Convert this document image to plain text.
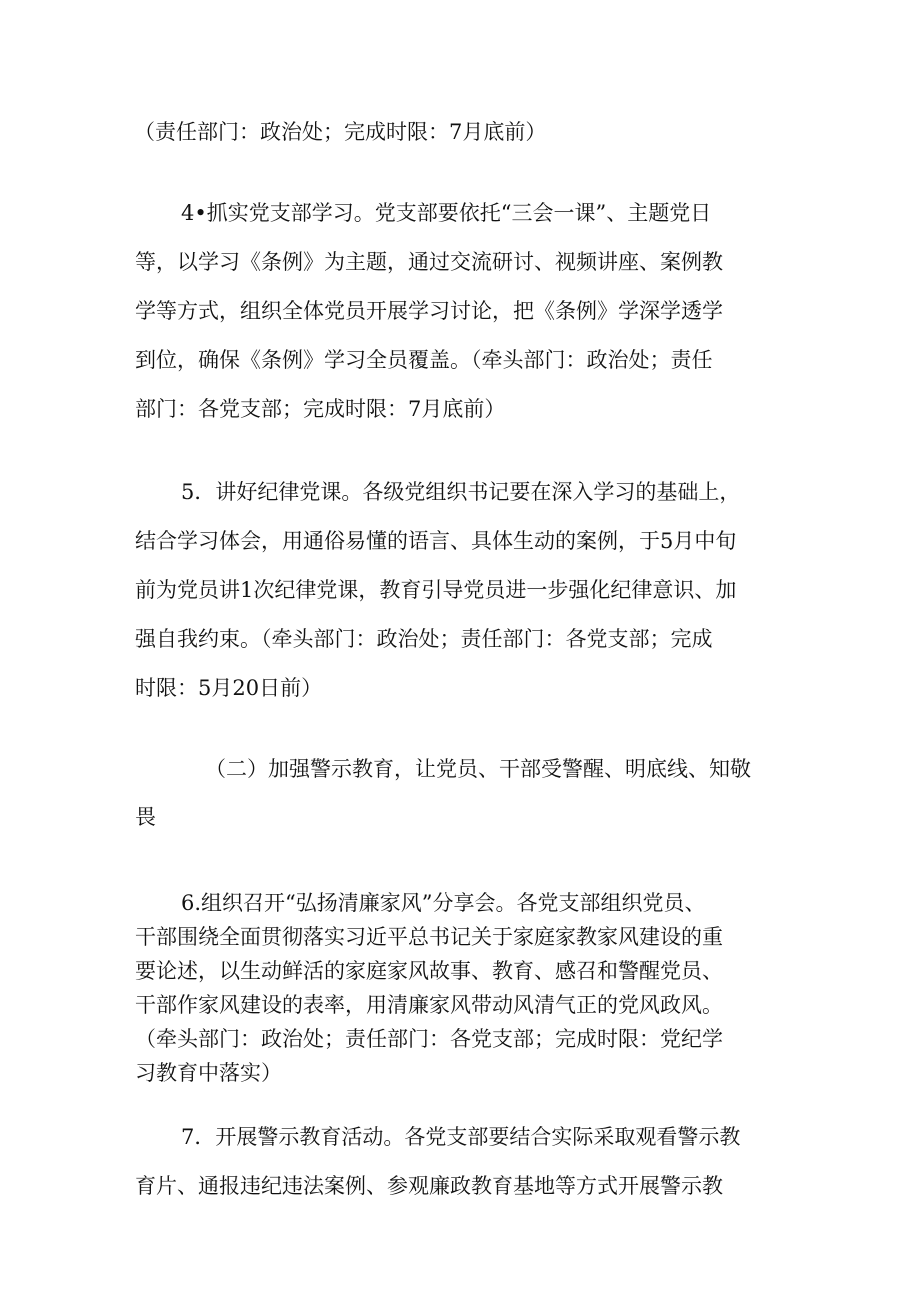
（责任部门：政治处；完成时限：7月底前）
4•抓实党支部学习。党支部要依托“三会一课”、主题党日
等，以学习《条例》为主题，通过交流研讨、视频讲座、案例教
学等方式，组织全体党员开展学习讨论，把《条例》学深学透学
到位，确保《条例》学习全员覆盖。（牵头部门：政治处；责任
部门：各党支部；完成时限：7月底前）
5．讲好纪律党课。各级党组织书记要在深入学习的基础上，
结合学习体会，用通俗易懂的语言、具体生动的案例，于5月中旬
前为党员讲1次纪律党课，教育引导党员进一步强化纪律意识、加
强自我约束。（牵头部门：政治处；责任部门：各党支部；完成
时限：5月20日前）
（二）加强警示教育，让党员、干部受警醒、明底线、知敬
畏
6.组织召开“弘扬清廉家风”分享会。各党支部组织党员、
干部围绕全面贯彻落实习近平总书记关于家庭家教家风建设的重
要论述，以生动鲜活的家庭家风故事、教育、感召和警醒党员、
干部作家风建设的表率，用清廉家风带动风清气正的党风政风。
（牵头部门：政治处；责任部门：各党支部；完成时限：党纪学
习教育中落实）
7．开展警示教育活动。各党支部要结合实际采取观看警示教
育片、通报违纪违法案例、参观廉政教育基地等方式开展警示教
